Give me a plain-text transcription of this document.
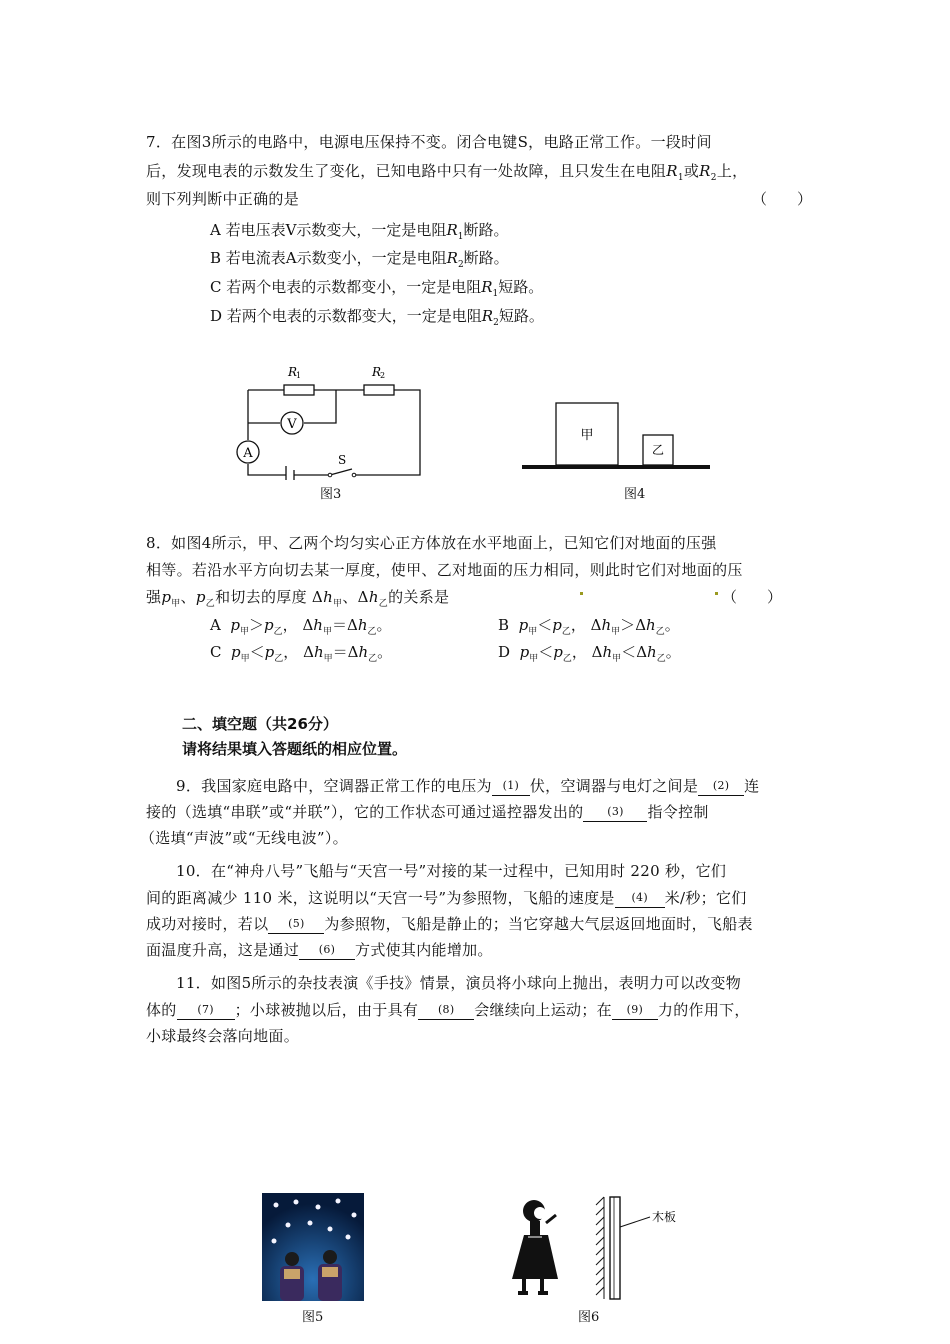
7．在图3所示的电路中，电源电压保持不变。闭合电键S，电路正常工作。一段时间
后，发现电表的示数发生了变化，已知电路中只有一处故障，且只发生在电阻$R_1$或$R_2$上，
则下列判断中正确的是	（　　）
A 若电压表V示数变大，一定是电阻$R_1$断路。
B 若电流表A示数变小，一定是电阻$R_2$断路。
C 若两个电表的示数都变小，一定是电阻$R_1$短路。
D 若两个电表的示数都变大，一定是电阻$R_2$短路。
V
A
R
1	R
2
S
图3
甲
乙
图4
8．如图4所示，甲、乙两个均匀实心正方体放在水平地面上，已知它们对地面的压强
相等。若沿水平方向切去某一厚度，使甲、乙对地面的压力相同，则此时它们对地面的压
强$p_甲$、$p_乙$和切去的厚度 $\Delta h_甲$、$\Delta h_乙$的关系是	（　　）
A $p_甲>p_乙$， $\Delta h_甲=\Delta h_乙$。	B $p_甲<p_乙$， $\Delta h_甲>\Delta h_乙$。
C $p_甲<p_乙$， $\Delta h_甲=\Delta h_乙$。	D $p_甲<p_乙$， $\Delta h_甲<\Delta h_乙$。
二、填空题（共26分）
请将结果填入答题纸的相应位置。
9．我国家庭电路中，空调器正常工作的电压为 $^{(1)}$ 伏，空调器与电灯之间是 $^{(2)}$ 连
接的（选填“串联”或“并联”），它的工作状态可通过遥控器发出的 $^{(3)}$ 指令控制
（选填“声波”或“无线电波”）。
10．在“神舟八号”飞船与“天宫一号”对接的某一过程中，已知用时 220 秒，它们
间的距离减少 110 米，这说明以“天宫一号”为参照物，飞船的速度是 $^{(4)}$ 米/秒；它们
成功对接时，若以 $^{(5)}$ 为参照物，飞船是静止的；当它穿越大气层返回地面时，飞船表
面温度升高，这是通过 $^{(6)}$ 方式使其内能增加。
11．如图5所示的杂技表演《手技》情景，演员将小球向上抛出，表明力可以改变物
体的 $^{(7)}$ ；小球被抛以后，由于具有 $^{(8)}$ 会继续向上运动；在 $^{(9)}$ 力的作用下，
小球最终会落向地面。
图5
木板
图6
